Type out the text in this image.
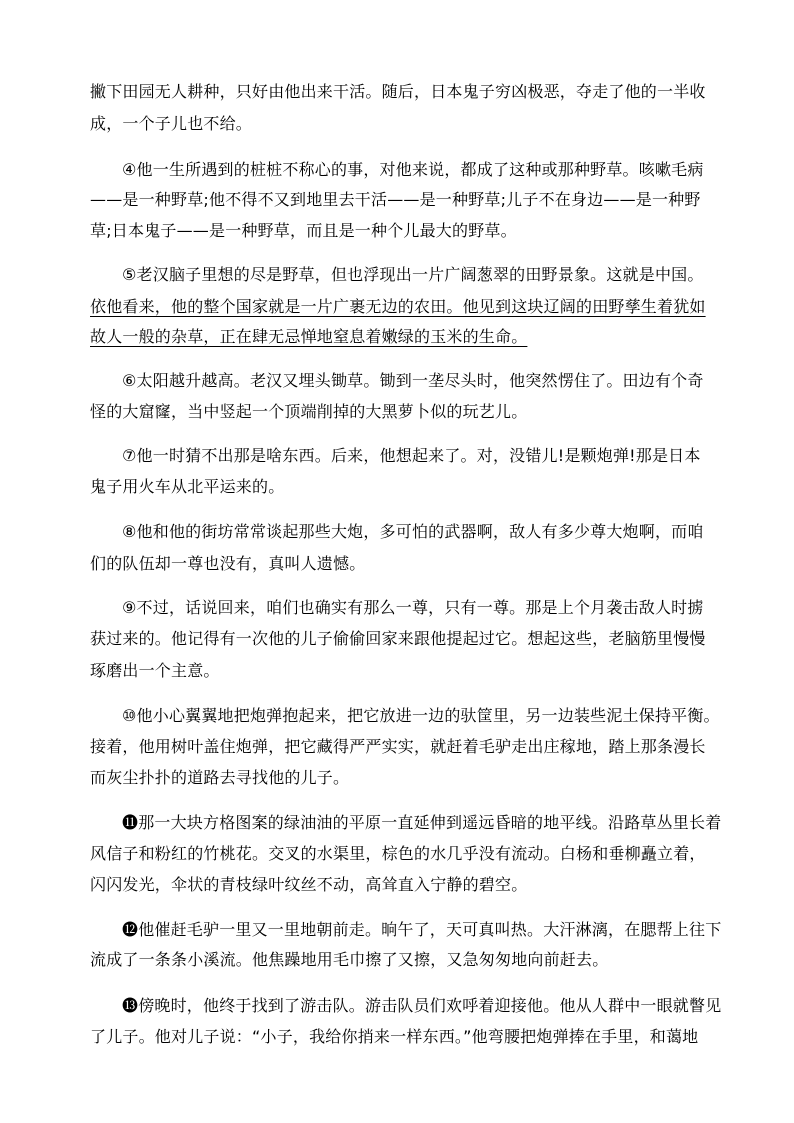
撇下田园无人耕种，只好由他出来干活。随后，日本鬼子穷凶极恶，夺走了他的一半收

成，一个子儿也不给。

④他一生所遇到的桩桩不称心的事，对他来说，都成了这种或那种野草。咳嗽毛病

——是一种野草;他不得不又到地里去干活——是一种野草;儿子不在身边——是一种野

草;日本鬼子——是一种野草，而且是一种个儿最大的野草。

⑤老汉脑子里想的尽是野草，但也浮现出一片广阔葱翠的田野景象。这就是中国。

依他看来，他的整个国家就是一片广裹无边的农田。他见到这块辽阔的田野孳生着犹如

故人一般的杂草，正在肆无忌惮地窒息着嫩绿的玉米的生命。

⑥太阳越升越高。老汉又埋头锄草。锄到一垄尽头时，他突然愣住了。田边有个奇

怪的大窟窿，当中竖起一个顶端削掉的大黑萝卜似的玩艺儿。

⑦他一时猜不出那是啥东西。后来，他想起来了。对，没错儿!是颗炮弹!那是日本

鬼子用火车从北平运来的。

⑧他和他的街坊常常谈起那些大炮，多可怕的武器啊，敌人有多少尊大炮啊，而咱

们的队伍却一尊也没有，真叫人遗憾。

⑨不过，话说回来，咱们也确实有那么一尊，只有一尊。那是上个月袭击敌人时掳

获过来的。他记得有一次他的儿子偷偷回家来跟他提起过它。想起这些，老脑筋里慢慢

琢磨出一个主意。

⑩他小心翼翼地把炮弹抱起来，把它放进一边的驮筐里，另一边装些泥土保持平衡。

接着，他用树叶盖住炮弹，把它藏得严严实实，就赶着毛驴走出庄稼地，踏上那条漫长

而灰尘扑扑的道路去寻找他的儿子。

⓫那一大块方格图案的绿油油的平原一直延伸到遥远昏暗的地平线。沿路草丛里长着

风信子和粉红的竹桃花。交叉的水渠里，棕色的水几乎没有流动。白杨和垂柳矗立着，

闪闪发光，伞状的青枝绿叶纹丝不动，高耸直入宁静的碧空。

⓬他催赶毛驴一里又一里地朝前走。晌午了，天可真叫热。大汗淋漓，在腮帮上往下

流成了一条条小溪流。他焦躁地用毛巾擦了又擦，又急匆匆地向前赶去。

⓭傍晚时，他终于找到了游击队。游击队员们欢呼着迎接他。他从人群中一眼就瞥见

了儿子。他对儿子说：“小子，我给你捎来一样东西。”他弯腰把炮弹捧在手里，和蔼地
